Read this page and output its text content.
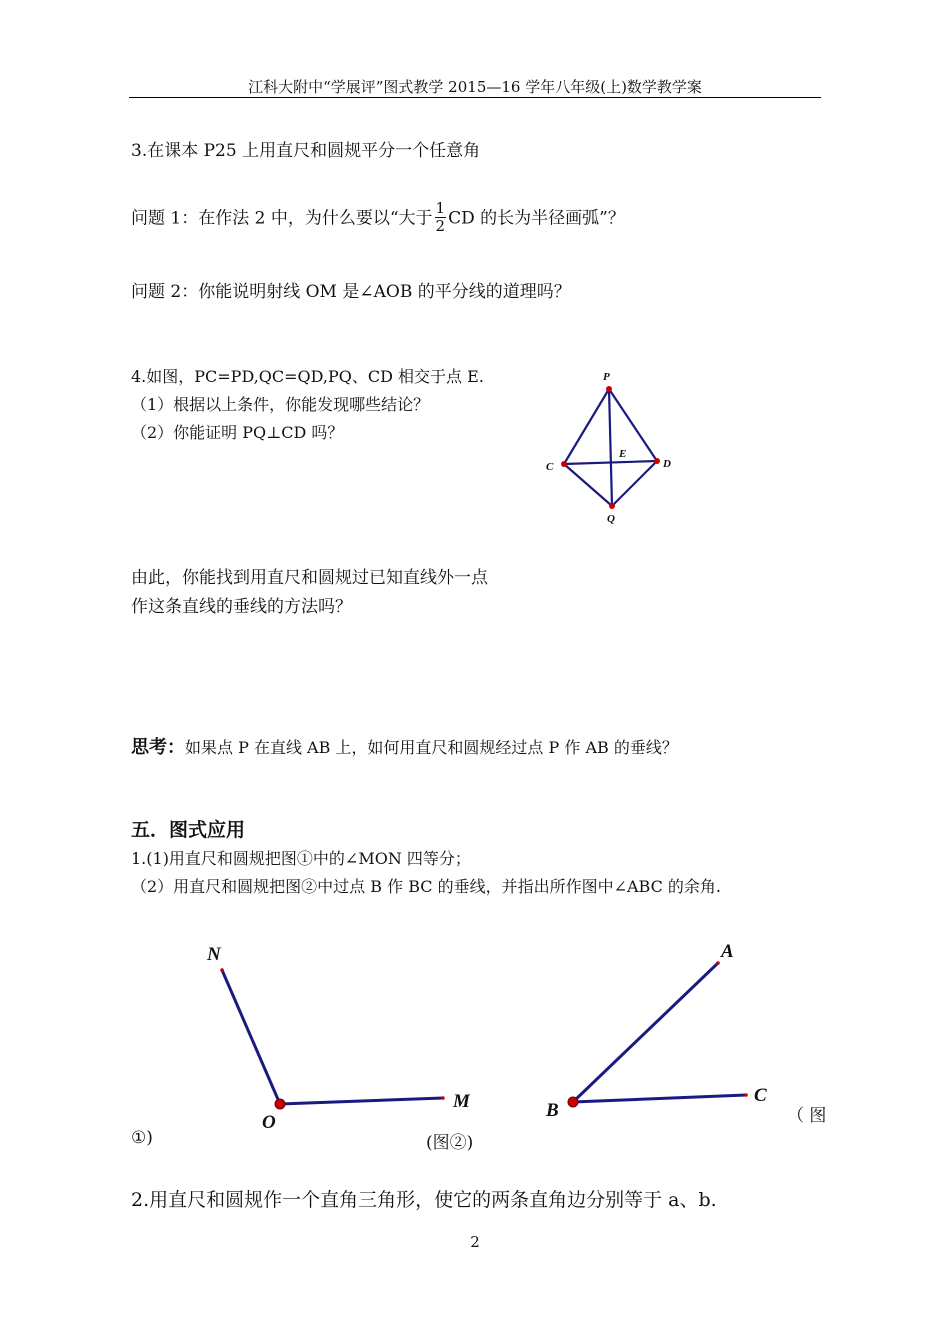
江科大附中“学展评”图式教学 2015—16 学年八年级(上)数学教学案
3.在课本 P25 上用直尺和圆规平分一个任意角
问题 1：在作法 2 中，为什么要以“大于 $\frac{1}{2}$ CD 的长为半径画弧”？
问题 2：你能说明射线 OM 是∠AOB 的平分线的道理吗？
4.如图，PC=PD,QC=QD,PQ、CD 相交于点 E.
（1）根据以上条件，你能发现哪些结论？
（2）你能证明 PQ⊥CD 吗？
P
C	D
Q
E
由此，你能找到用直尺和圆规过已知直线外一点
作这条直线的垂线的方法吗？
思考：如果点 P 在直线 AB 上，如何用直尺和圆规经过点 P 作 AB 的垂线？
五．图式应用
1.(1)用直尺和圆规把图①中的∠MON 四等分；
（2）用直尺和圆规把图②中过点 B 作 BC 的垂线，并指出所作图中∠ABC 的余角.
N
O
M
A
B
C
（ 图
①)	(图②)
2.用直尺和圆规作一个直角三角形，使它的两条直角边分别等于 a、b.
2
